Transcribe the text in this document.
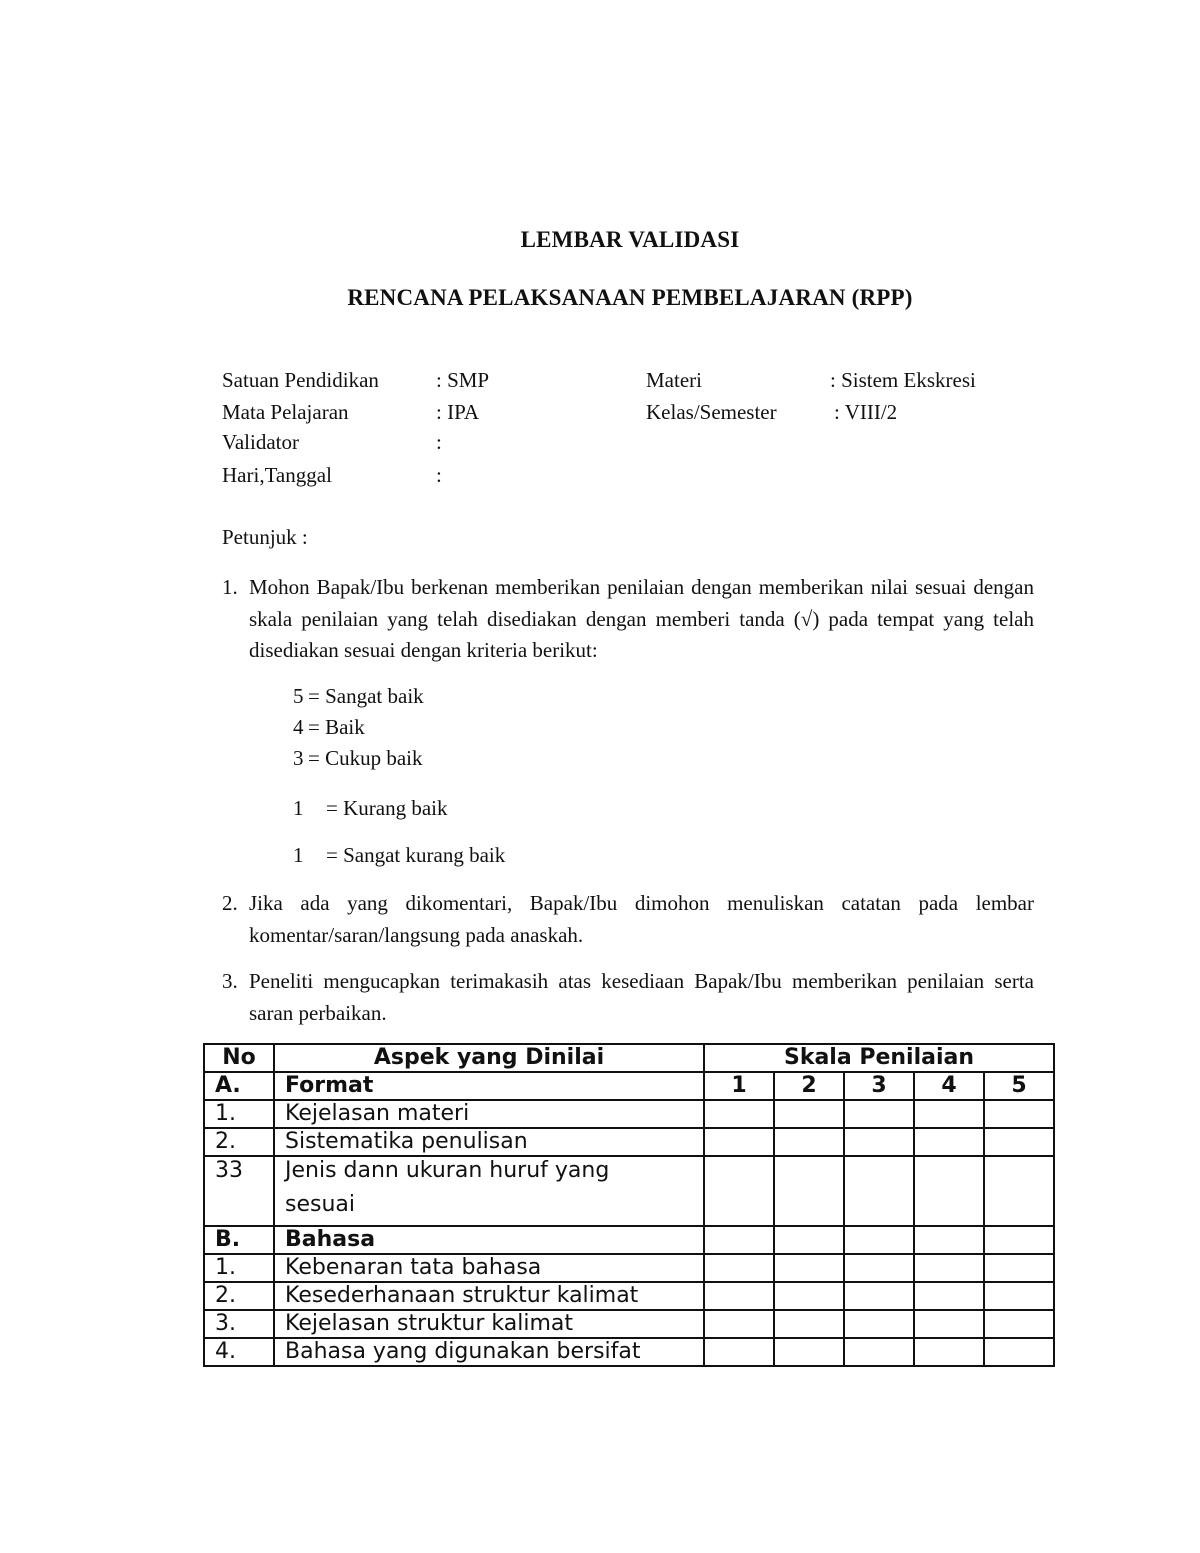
LEMBAR VALIDASI
RENCANA PELAKSANAAN PEMBELAJARAN (RPP)
Satuan Pendidikan	: SMP	Materi	: Sistem Ekskresi
Mata Pelajaran	: IPA	Kelas/Semester	: VIII/2
Validator	:
Hari,Tanggal	:
Petunjuk :
1. Mohon Bapak/Ibu berkenan memberikan penilaian dengan memberikan nilai sesuai dengan skala penilaian yang telah disediakan dengan memberi tanda (√) pada tempat yang telah disediakan sesuai dengan kriteria berikut:
5 = Sangat baik
4 = Baik
3 = Cukup baik
1 = Kurang baik
1 = Sangat kurang baik
2. Jika ada yang dikomentari, Bapak/Ibu dimohon menuliskan catatan pada lembar komentar/saran/langsung pada anaskah.
3. Peneliti mengucapkan terimakasih atas kesediaan Bapak/Ibu memberikan penilaian serta saran perbaikan.
No	Aspek yang Dinilai	Skala Penilaian				
A.	Format	1	2	3	4	5
1.	Kejelasan materi					
2.	Sistematika penulisan					

33	Jenis dann ukuran huruf yang
sesuai					

B.	Bahasa					
1.	Kebenaran tata bahasa					
2.	Kesederhanaan struktur kalimat					
3.	Kejelasan struktur kalimat					
4.	Bahasa yang digunakan bersifat					
